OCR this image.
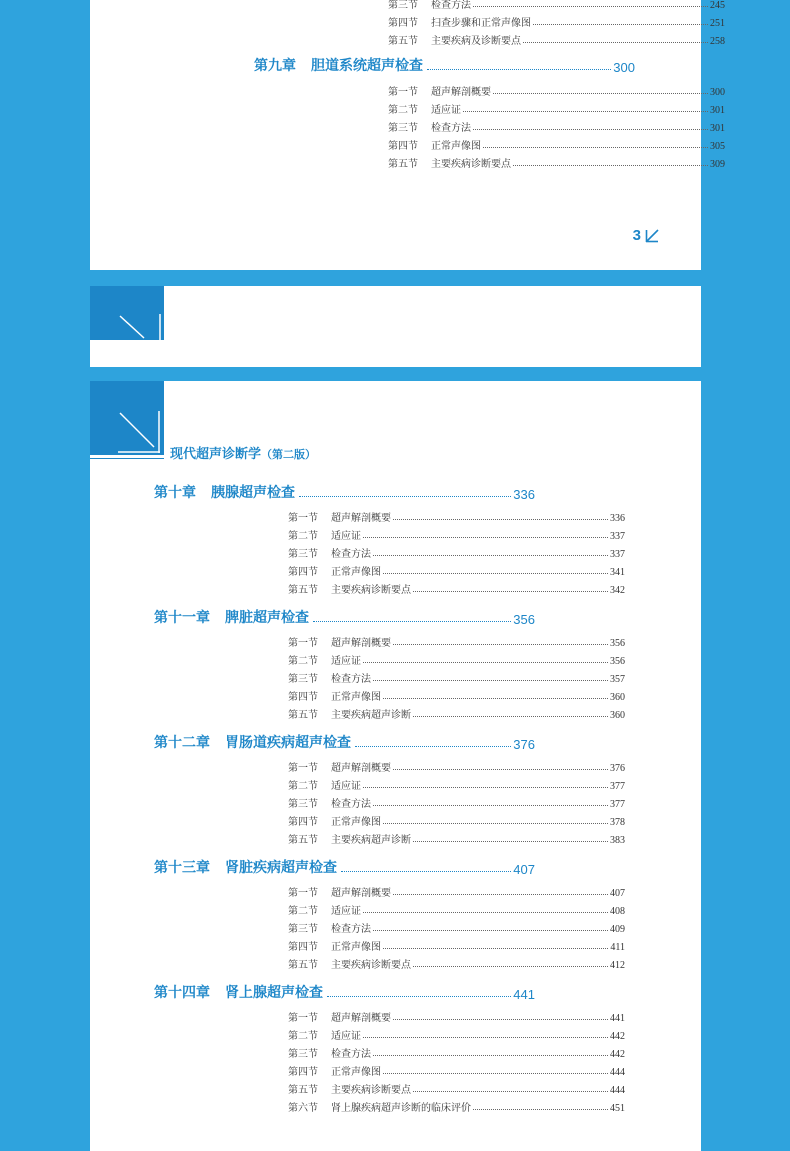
第三节	检查方法	245
第四节	扫查步骤和正常声像图	251
第五节	主要疾病及诊断要点	258
第九章 胆道系统超声检查	300
第一节	超声解剖概要	300
第二节	适应证	301
第三节	检查方法	301
第四节	正常声像图	305
第五节	主要疾病诊断要点	309
3
现代超声诊断学（第二版）
第十章 胰腺超声检查	336
第一节	超声解剖概要	336
第二节	适应证	337
第三节	检查方法	337
第四节	正常声像图	341
第五节	主要疾病诊断要点	342
第十一章 脾脏超声检查	356
第一节	超声解剖概要	356
第二节	适应证	356
第三节	检查方法	357
第四节	正常声像图	360
第五节	主要疾病超声诊断	360
第十二章 胃肠道疾病超声检查	376
第一节	超声解剖概要	376
第二节	适应证	377
第三节	检查方法	377
第四节	正常声像图	378
第五节	主要疾病超声诊断	383
第十三章 肾脏疾病超声检查	407
第一节	超声解剖概要	407
第二节	适应证	408
第三节	检查方法	409
第四节	正常声像图	411
第五节	主要疾病诊断要点	412
第十四章 肾上腺超声检查	441
第一节	超声解剖概要	441
第二节	适应证	442
第三节	检查方法	442
第四节	正常声像图	444
第五节	主要疾病诊断要点	444
第六节	肾上腺疾病超声诊断的临床评价	451
